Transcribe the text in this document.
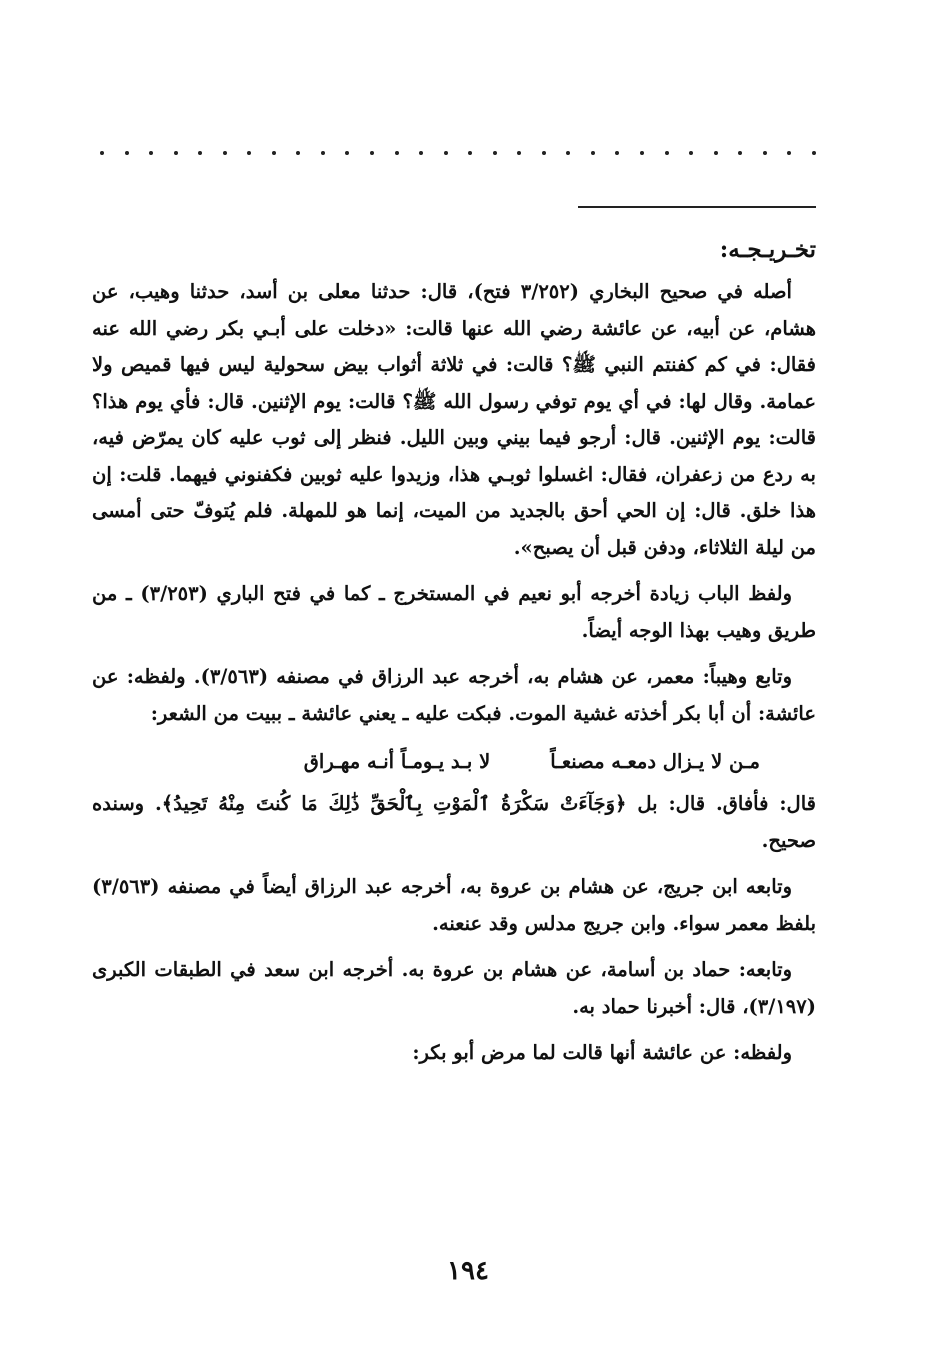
تخـريـجـه:

أصله في صحيح البخاري (٣/٢٥٢ فتح)، قال: حدثنا معلى بن أسد، حدثنا وهيب، عن هشام، عن أبيه، عن عائشة رضي الله عنها قالت: «دخلت على أبـي بكر رضي الله عنه فقال: في كم كفنتم النبي ﷺ؟ قالت: في ثلاثة أثواب بيض سحولية ليس فيها قميص ولا عمامة. وقال لها: في أي يوم توفي رسول الله ﷺ؟ قالت: يوم الإثنين. قال: فأي يوم هذا؟ قالت: يوم الإثنين. قال: أرجو فيما بيني وبين الليل. فنظر إلى ثوب عليه كان يمرّض فيه، به ردع من زعفران، فقال: اغسلوا ثوبـي هذا، وزيدوا عليه ثوبين فكفنوني فيهما. قلت: إن هذا خلق. قال: إن الحي أحق بالجديد من الميت، إنما هو للمهلة. فلم يُتوفّ حتى أمسى من ليلة الثلاثاء، ودفن قبل أن يصبح».

ولفظ الباب زيادة أخرجه أبو نعيم في المستخرج ـ كما في فتح الباري (٣/٢٥٣) ـ من طريق وهيب بهذا الوجه أيضاً.

وتابع وهيباً: معمر، عن هشام به، أخرجه عبد الرزاق في مصنفه (٣/٥٦٣). ولفظه: عن عائشة: أن أبا بكر أخذته غشية الموت. فبكت عليه ـ يعني عائشة ـ ببيت من الشعر:

مـن لا يـزال دمعـه مصنعـاً
لا بـد يـومـاً أنـه مهـراق

قال: فأفاق. قال: بل ﴿وَجَآءَتْ سَكْرَةُ ٱلْمَوْتِ بِٱلْحَقِّ ذَٰلِكَ مَا كُنتَ مِنْهُ تَحِيدُ﴾. وسنده صحيح.

وتابعه ابن جريج، عن هشام بن عروة به، أخرجه عبد الرزاق أيضاً في مصنفه (٣/٥٦٣) بلفظ معمر سواء. وابن جريج مدلس وقد عنعنه.

وتابعه: حماد بن أسامة، عن هشام بن عروة به. أخرجه ابن سعد في الطبقات الكبرى (٣/١٩٧)، قال: أخبرنا حماد به.

ولفظه: عن عائشة أنها قالت لما مرض أبو بكر:

١٩٤
